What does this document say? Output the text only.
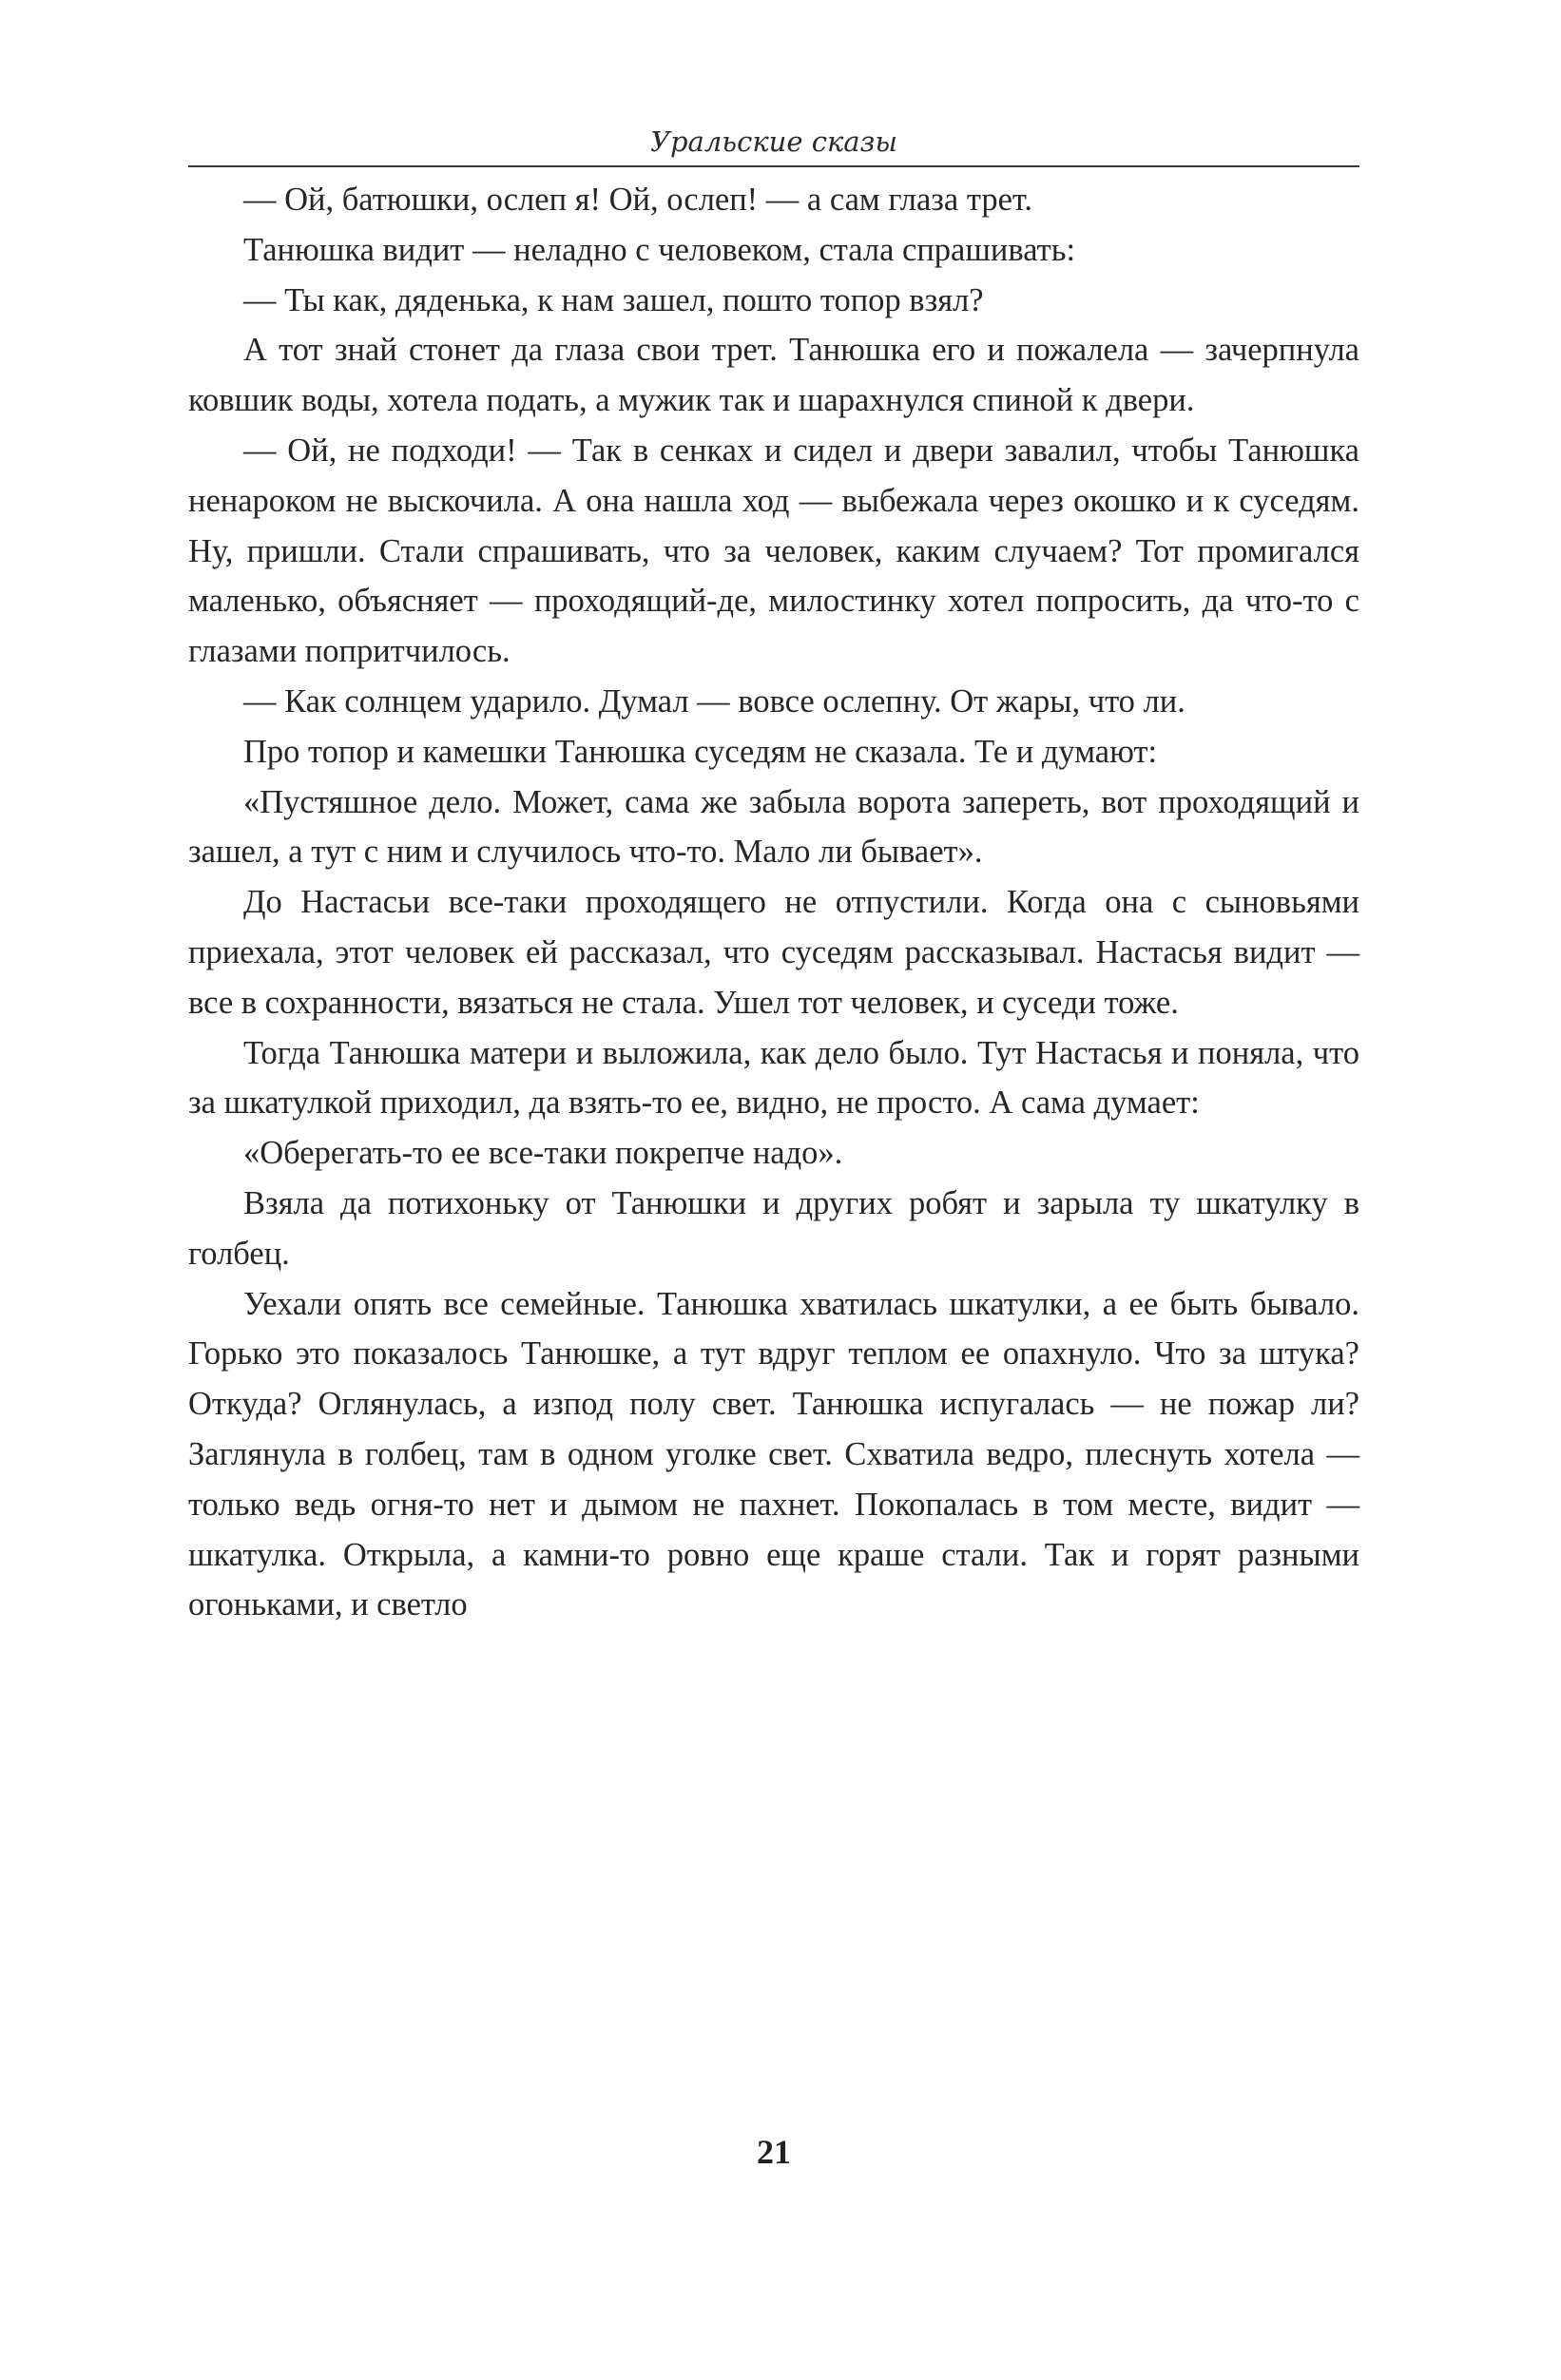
Уральские сказы

— Ой, батюшки, ослеп я! Ой, ослеп! — а сам глаза трет.

Танюшка видит — неладно с человеком, стала спрашивать:

— Ты как, дяденька, к нам зашел, пошто топор взял?

А тот знай стонет да глаза свои трет. Танюшка его и пожалела — зачерпнула ковшик воды, хотела подать, а мужик так и шарахнулся спиной к двери.

— Ой, не подходи! — Так в сенках и сидел и двери завалил, чтобы Танюшка ненароком не выскочила. А она нашла ход — выбежала через окошко и к суседям. Ну, пришли. Стали спрашивать, что за человек, каким случаем? Тот промигался маленько, объясняет — проходящий-де, милостинку хотел попросить, да что-то с глазами попритчилось.

— Как солнцем ударило. Думал — вовсе ослепну. От жары, что ли.

Про топор и камешки Танюшка суседям не сказала. Те и думают:

«Пустяшное дело. Может, сама же забыла ворота запереть, вот проходящий и зашел, а тут с ним и случилось что-то. Мало ли бывает».

До Настасьи все-таки проходящего не отпустили. Когда она с сыновьями приехала, этот человек ей рассказал, что суседям рассказывал. Настасья видит — все в сохранности, вязаться не стала. Ушел тот человек, и суседи тоже.

Тогда Танюшка матери и выложила, как дело было. Тут Настасья и поняла, что за шкатулкой приходил, да взять-то ее, видно, не просто. А сама думает:

«Оберегать-то ее все-таки покрепче надо».

Взяла да потихоньку от Танюшки и других робят и зарыла ту шкатулку в голбец.

Уехали опять все семейные. Танюшка хватилась шкатулки, а ее быть бывало. Горько это показалось Танюшке, а тут вдруг теплом ее опахнуло. Что за штука? Откуда? Оглянулась, а изпод полу свет. Танюшка испугалась — не пожар ли? Заглянула в голбец, там в одном уголке свет. Схватила ведро, плеснуть хотела — только ведь огня-то нет и дымом не пахнет. Покопалась в том месте, видит — шкатулка. Открыла, а камни-то ровно еще краше стали. Так и горят разными огоньками, и светло

21
